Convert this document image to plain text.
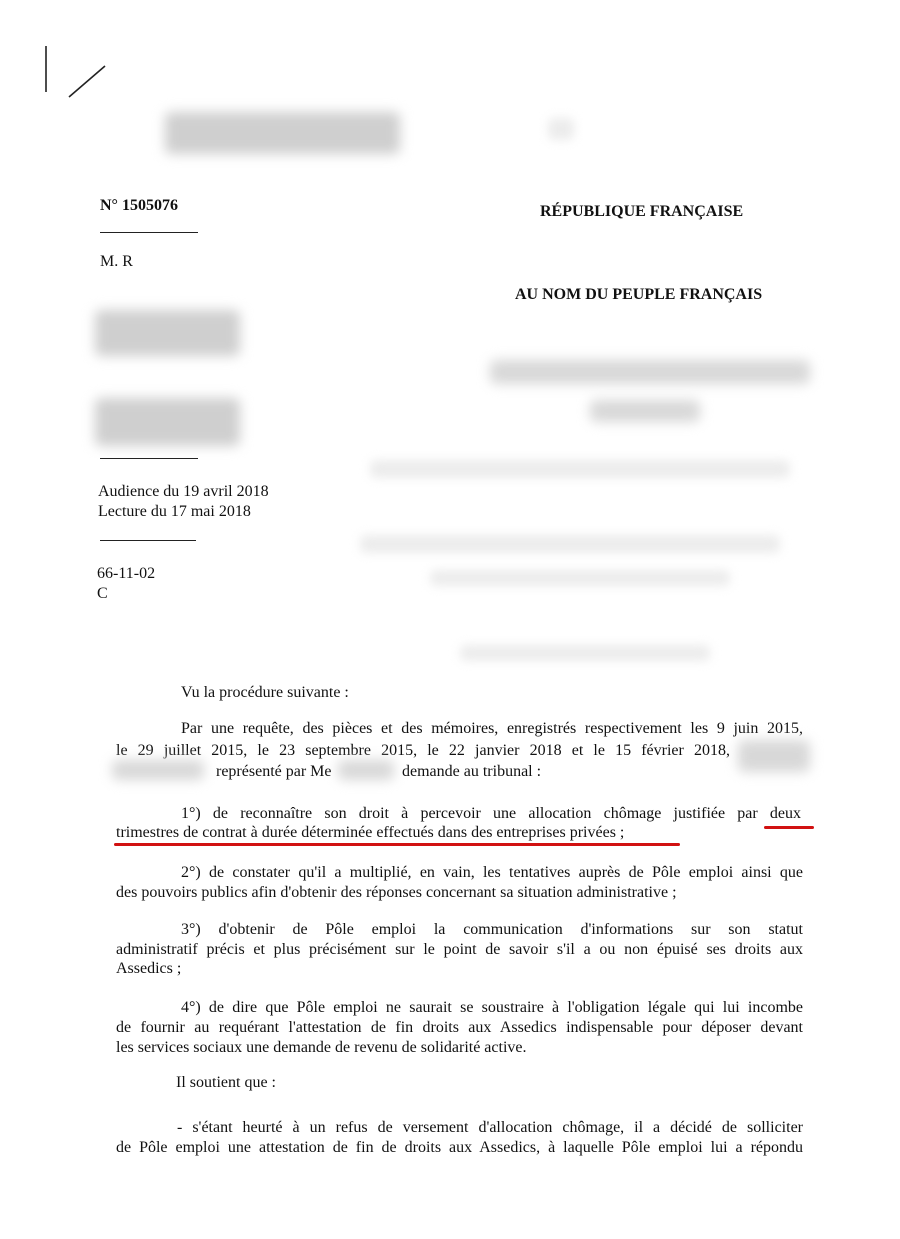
N° 1505076
M. R
Audience du 19 avril 2018
Lecture du 17 mai 2018
66-11-02
C
RÉPUBLIQUE FRANÇAISE
AU NOM DU PEUPLE FRANÇAIS
Vu la procédure suivante :
Par une requête, des pièces et des mémoires, enregistrés respectivement les 9 juin 2015,
le 29 juillet 2015, le 23 septembre 2015, le 22 janvier 2018 et le 15 février 2018,
représenté par Me	demande au tribunal :
1°) de reconnaître son droit à percevoir une allocation chômage justifiée par deux
trimestres de contrat à durée déterminée effectués dans des entreprises privées ;
2°) de constater qu'il a multiplié, en vain, les tentatives auprès de Pôle emploi ainsi que
des pouvoirs publics afin d'obtenir des réponses concernant sa situation administrative ;
3°) d'obtenir de Pôle emploi la communication d'informations sur son statut
administratif précis et plus précisément sur le point de savoir s'il a ou non épuisé ses droits aux
Assedics ;
4°) de dire que Pôle emploi ne saurait se soustraire à l'obligation légale qui lui incombe
de fournir au requérant l'attestation de fin droits aux Assedics indispensable pour déposer devant
les services sociaux une demande de revenu de solidarité active.
Il soutient que :
- s'étant heurté à un refus de versement d'allocation chômage, il a décidé de solliciter
de Pôle emploi une attestation de fin de droits aux Assedics, à laquelle Pôle emploi lui a répondu
